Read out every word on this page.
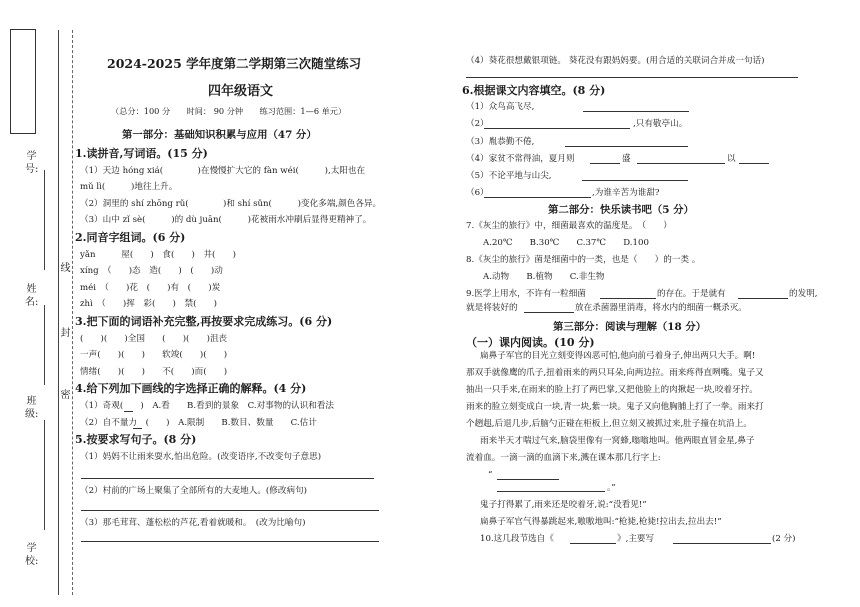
学号:
姓名:
班级:
学校:
线
封
密
2024-2025 学年度第二学期第三次随堂练习
四年级语文
（总分：100 分　　时间： 90 分钟　　练习范围：1—6 单元）
第一部分：基础知识积累与应用（47 分）
1.读拼音,写词语。(15 分)
（1）天边 hóng xiá(　　　　)在慢慢扩大它的 fàn wéi(　　　),太阳也在
mǔ lì(　　　)地往上升。
（2）洞里的 shí zhōng rǔ(　　　　)和 shí sǔn(　　　)变化多端,颜色各异。
（3）山中 zǐ sè(　　　)的 dù juān(　　　)花被雨水冲刷后显得更精神了。
2.同音字组词。(6 分)
yǎn　　　屋(　　)　食(　　)　井(　　)
xíng　（　　)态　造(　　)　(　　)动
méi　（　　)花　(　　)有　(　　)炭
zhì　（　　)挥　彩(　　)　禁(　　)
3.把下面的词语补充完整,再按要求完成练习。(6 分)
(　　)(　　)全国　　(　　)(　　)沮丧
一声(　　)(　　)　　软竣(　　)(　　)
情绪(　　)(　　)　　不(　　)而(　　)
4.给下列加下画线的字选择正确的解释。(4 分)
（1）奇观(　　)　A.看　　B.看到的景象　C.对事物的认识和看法
（2）自不量力　(　　)　A.限制　　B.数目、数量　　C.估计
5.按要求写句子。(8 分)
（1）妈妈不让雨来耍水,怕出危险。(改变语序,不改变句子意思)
（2）村前的广场上聚集了全部所有的大麦地人。(修改病句)
（3）那毛茸茸、蓬松松的芦花,看着就暖和。　(改为比喻句)
（4）葵花很想戴银项链。 葵花没有跟妈妈要。(用合适的关联词合并成一句话)
6.根据课文内容填空。(8 分)
（1）众鸟高飞尽,
（2）	,只有敬亭山。
（3）胤恭勤不倦,
（4）家贫不常得油，夏月则	盛	以
（5）不论平地与山尖,
（6）	,为谁辛苦为谁甜?
第二部分：快乐读书吧（5 分）
7.《灰尘的旅行》中，细菌最喜欢的温度是。　（　　）
A.20℃　　B.30℃　　C.37℃　　D.100
8.《灰尘的旅行》菌是细菌中的一类，也是（　　）的一类 。
A.动物　　B.植物　　C.非生物
9.医学上用水，不许有一粒细菌	的存在。于是就有	的发明,
就是将装好的	放在杀菌器里消毒，将水内的细菌一概杀灭。
第三部分：阅读与理解（18 分）
（一）课内阅读。(10 分)
扁鼻子军官的目光立刻变得凶恶可怕,他向前弓着身子,伸出两只大手。啊!
那双手就像鹰的爪子,扭着雨来的两只耳朵,向两边拉。雨来疼得直咧嘴。鬼子又
抽出一只手来,在雨来的脸上打了两巴掌,又把他脸上的肉揪起一块,咬着牙拧。
雨来的脸立刻变成白一块,青一块,紫一块。鬼子又向他胸脯上打了一拳。雨来打
个趔趄,后退几步,后脑勺正碰在柜板上,但立刻又被抓过来,肚子撞在坑沿上。
雨来半天才喘过气来,脑袋里像有一窝蜂,嗡嗡地叫。他两眼直冒金星,鼻子
流着血。一滴一滴的血滴下来,溅在课本那几行字上:
“
。”
鬼子打得累了,雨来还是咬着牙,说:“没看见!”
扁鼻子军官气得暴跳起来,嗷嗷地叫:“枪毙,枪毙!拉出去,拉出去!”
10.这几段节选自《	》,主要写	(2 分)
